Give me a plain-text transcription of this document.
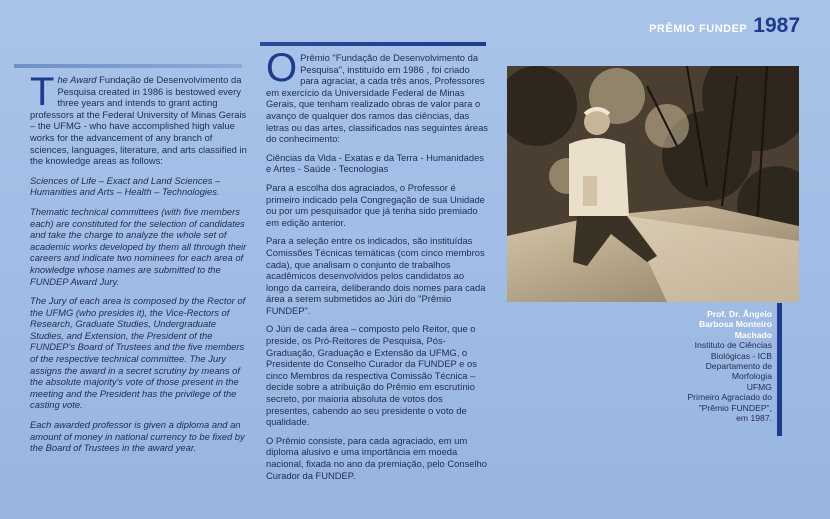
PRÊMIO FUNDEP 1987

The Award Fundação de Desenvolvimento da Pesquisa created in 1986 is bestowed every three years and intends to grant acting professors at the Federal University of Minas Gerais – the UFMG - who have accomplished high value works for the advancement of any branch of sciences, languages, literature, and arts classified in the knowledge areas as follows:

Sciences of Life – Exact and Land Sciences – Humanities and Arts – Health – Technologies.

Thematic technical committees (with five members each) are constituted for the selection of candidates and take the charge to analyze the whole set of academic works developed by them all through their careers and indicate two nominees for each area of knowledge whose names are submitted to the FUNDEP Award Jury.

The Jury of each area is composed by the Rector of the UFMG (who presides it), the Vice-Rectors of Research, Graduate Studies, Undergraduate Studies, and Extension, the President of the FUNDEP's Board of Trustees and the five members of the respective technical committee. The Jury assigns the award in a secret scrutiny by means of the absolute majority's vote of those present in the meeting and the President has the privilege of the casting vote.

Each awarded professor is given a diploma and an amount of money in national currency to be fixed by the Board of Trustees in the award year.

O Prêmio "Fundação de Desenvolvimento da Pesquisa", instituído em 1986 , foi criado para agraciar, a cada três anos, Professores em exercício da Universidade Federal de Minas Gerais, que tenham realizado obras de valor para o avanço de qualquer dos ramos das ciências, das letras ou das artes, classificados nas seguintes áreas do conhecimento:

Ciências da Vida - Exatas e da Terra - Humanidades e Artes - Saúde - Tecnologias

Para a escolha dos agraciados, o Professor é primeiro indicado pela Congregação de sua Unidade ou por um pesquisador que já tenha sido premiado em edição anterior.

Para a seleção entre os indicados, são instituídas Comissões Técnicas temáticas (com cinco membros cada), que analisam o conjunto de trabalhos acadêmicos desenvolvidos pelos candidatos ao longo da carreira, deliberando dois nomes para cada área a serem submetidos ao Júri do "Prêmio FUNDEP".

O Júri de cada área – composto pelo Reitor, que o preside, os Pró-Reitores de Pesquisa, Pós-Graduação, Graduação e Extensão da UFMG, o Presidente do Conselho Curador da FUNDEP e os cinco Membros da respectiva Comissão Técnica – decide sobre a atribuição do Prêmio em escrutínio secreto, por maioria absoluta de votos dos presentes, cabendo ao seu presidente o voto de qualidade.

O Prêmio consiste, para cada agraciado, em um diploma alusivo e uma importância em moeda nacional, fixada no ano da premiação, pelo Conselho Curador da FUNDEP.

Prof. Dr. Ângelo
Barbosa Monteiro
Machado
Instituto de Ciências
Biológicas - ICB
Departamento de
Morfologia
UFMG
Primeiro Agraciado do
"Prêmio FUNDEP",
em 1987.
